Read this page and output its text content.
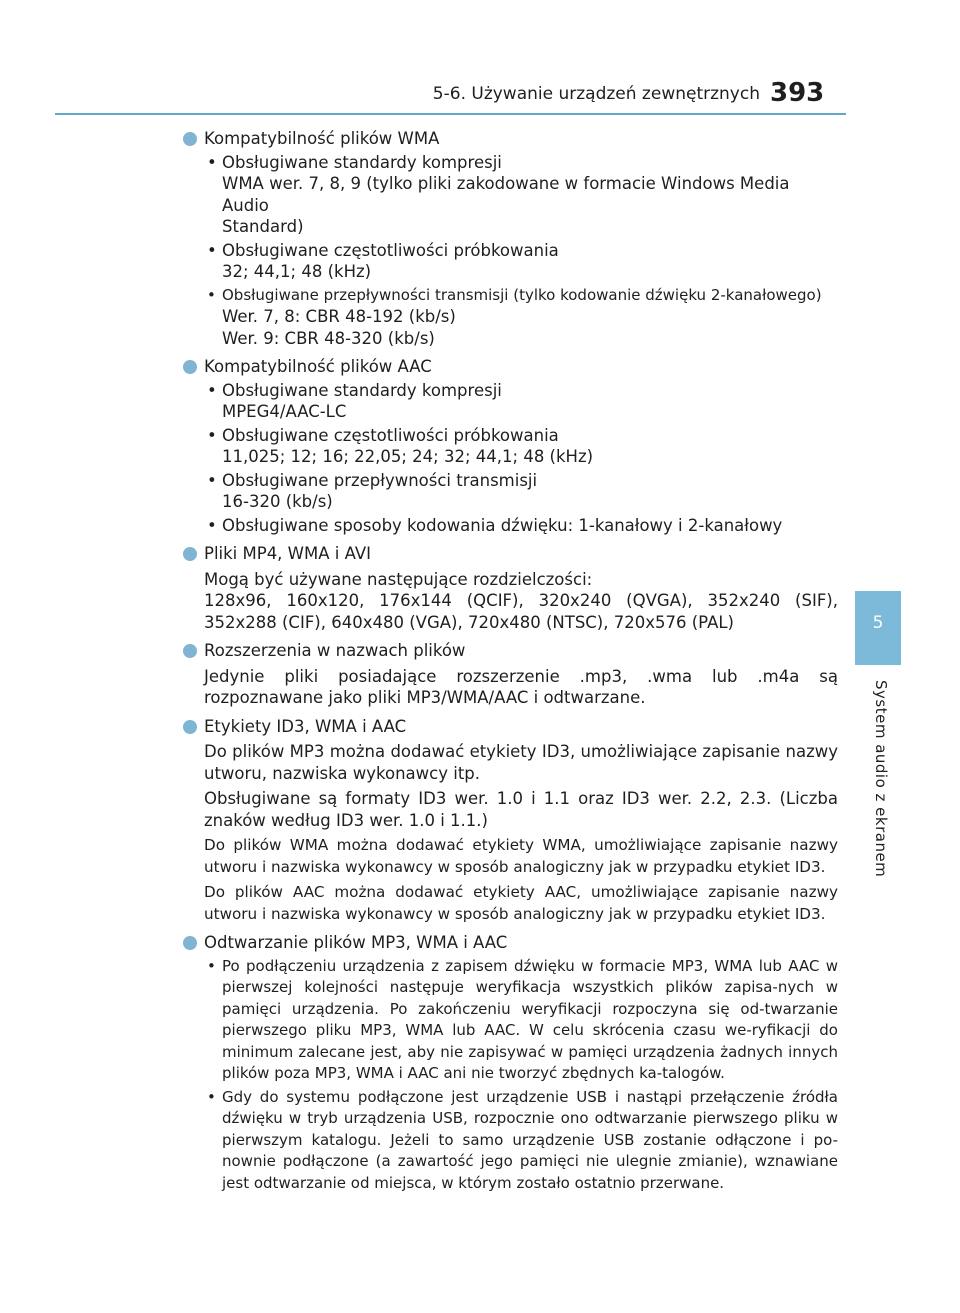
5-6. Używanie urządzeń zewnętrznych 393
5
System audio z ekranem
Kompatybilność plików WMA
• Obsługiwane standardy kompresji
WMA wer. 7, 8, 9 (tylko pliki zakodowane w formacie Windows Media Audio
Standard)
• Obsługiwane częstotliwości próbkowania
32; 44,1; 48 (kHz)
• Obsługiwane przepływności transmisji (tylko kodowanie dźwięku 2-kanałowego)
Wer. 7, 8: CBR 48-192 (kb/s)
Wer. 9: CBR 48-320 (kb/s)
Kompatybilność plików AAC
• Obsługiwane standardy kompresji
MPEG4/AAC-LC
• Obsługiwane częstotliwości próbkowania
11,025; 12; 16; 22,05; 24; 32; 44,1; 48 (kHz)
• Obsługiwane przepływności transmisji
16-320 (kb/s)
• Obsługiwane sposoby kodowania dźwięku: 1-kanałowy i 2-kanałowy
Pliki MP4, WMA i AVI
Mogą być używane następujące rozdzielczości:
128x96, 160x120, 176x144 (QCIF), 320x240 (QVGA), 352x240 (SIF), 352x288 (CIF), 640x480 (VGA), 720x480 (NTSC), 720x576 (PAL)
Rozszerzenia w nazwach plików
Jedynie pliki posiadające rozszerzenie .mp3, .wma lub .m4a są rozpoznawane jako pliki MP3/WMA/AAC i odtwarzane.
Etykiety ID3, WMA i AAC
Do plików MP3 można dodawać etykiety ID3, umożliwiające zapisanie nazwy utworu, nazwiska wykonawcy itp.
Obsługiwane są formaty ID3 wer. 1.0 i 1.1 oraz ID3 wer. 2.2, 2.3. (Liczba znaków według ID3 wer. 1.0 i 1.1.)
Do plików WMA można dodawać etykiety WMA, umożliwiające zapisanie nazwy utworu i nazwiska wykonawcy w sposób analogiczny jak w przypadku etykiet ID3.
Do plików AAC można dodawać etykiety AAC, umożliwiające zapisanie nazwy utworu i nazwiska wykonawcy w sposób analogiczny jak w przypadku etykiet ID3.
Odtwarzanie plików MP3, WMA i AAC
• Po podłączeniu urządzenia z zapisem dźwięku w formacie MP3, WMA lub AAC w pierwszej kolejności następuje weryfikacja wszystkich plików zapisa-nych w pamięci urządzenia. Po zakończeniu weryfikacji rozpoczyna się od-twarzanie pierwszego pliku MP3, WMA lub AAC. W celu skrócenia czasu we-ryfikacji do minimum zalecane jest, aby nie zapisywać w pamięci urządzenia żadnych innych plików poza MP3, WMA i AAC ani nie tworzyć zbędnych ka-talogów.
• Gdy do systemu podłączone jest urządzenie USB i nastąpi przełączenie źródła dźwięku w tryb urządzenia USB, rozpocznie ono odtwarzanie pierwszego pliku w pierwszym katalogu. Jeżeli to samo urządzenie USB zostanie odłączone i po-nownie podłączone (a zawartość jego pamięci nie ulegnie zmianie), wznawiane jest odtwarzanie od miejsca, w którym zostało ostatnio przerwane.
